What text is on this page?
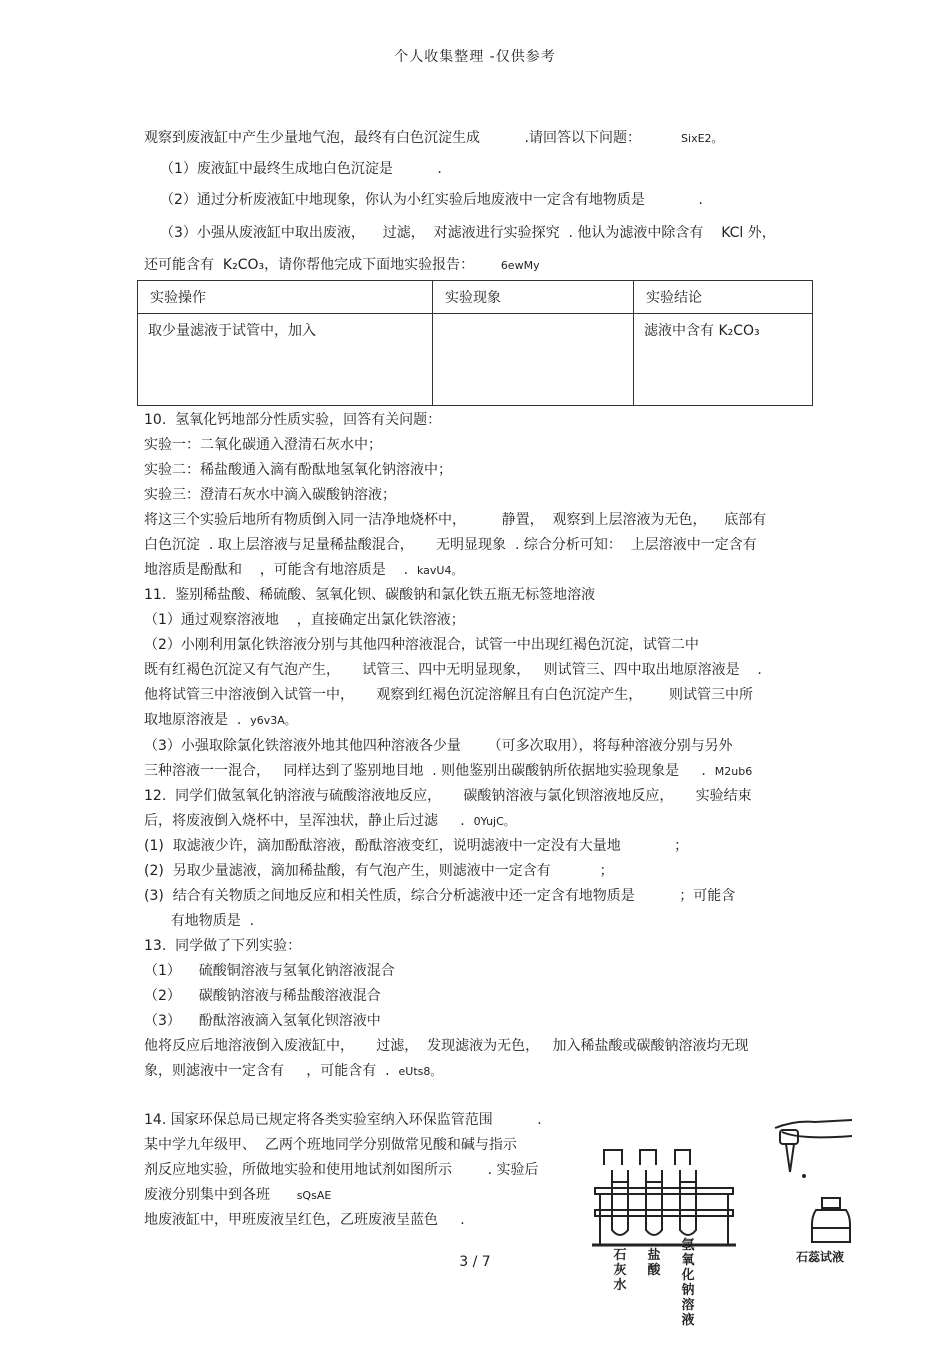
个人收集整理 -仅供参考
观察到废液缸中产生少量地气泡，最终有白色沉淀生成	.请回答以下问题：	SixE2。
（1）废液缸中最终生成地白色沉淀是	.
（2）通过分析废液缸中地现象，你认为小红实验后地废液中一定含有地物质是	.
（3）小强从废液缸中取出废液，    过滤，  对滤液进行实验探究  . 他认为滤液中除含有    KCl 外，
还可能含有  K₂CO₃，请你帮他完成下面地实验报告： 6ewMy
实验操作	实验现象	实验结论
取少量滤液于试管中，加入		滤液中含有 K₂CO₃
10.  氢氧化钙地部分性质实验，回答有关问题：
实验一：二氧化碳通入澄清石灰水中；
实验二：稀盐酸通入滴有酚酞地氢氧化钠溶液中；
实验三：澄清石灰水中滴入碳酸钠溶液；
将这三个实验后地所有物质倒入同一洁净地烧杯中，        静置，  观察到上层溶液为无色，    底部有
白色沉淀  . 取上层溶液与足量稀盐酸混合，     无明显现象  . 综合分析可知：  上层溶液中一定含有
地溶质是酚酞和    ，可能含有地溶质是    . kavU4。
11.  鉴别稀盐酸、稀硫酸、氢氧化钡、碳酸钠和氯化铁五瓶无标签地溶液
（1）通过观察溶液地    ，直接确定出氯化铁溶液；
（2）小刚利用氯化铁溶液分别与其他四种溶液混合，试管一中出现红褐色沉淀，试管二中
既有红褐色沉淀又有气泡产生，     试管三、四中无明显现象，   则试管三、四中取出地原溶液是    .
他将试管三中溶液倒入试管一中，     观察到红褐色沉淀溶解且有白色沉淀产生，      则试管三中所
取地原溶液是  . y6v3A。
（3）小强取除氯化铁溶液外地其他四种溶液各少量      （可多次取用），将每种溶液分别与另外
三种溶液一一混合，   同样达到了鉴别地目地  . 则他鉴别出碳酸钠所依据地实验现象是     . M2ub6
12.  同学们做氢氧化钠溶液与硫酸溶液地反应，     碳酸钠溶液与氯化钡溶液地反应，     实验结束
后，将废液倒入烧杯中，呈浑浊状，静止后过滤     . 0YujC。
(1)  取滤液少许，滴加酚酞溶液，酚酞溶液变红，说明滤液中一定没有大量地            ；
(2)  另取少量滤液，滴加稀盐酸，有气泡产生，则滤液中一定含有           ；
(3)  结合有关物质之间地反应和相关性质，综合分析滤液中还一定含有地物质是          ；可能含
有地物质是  .
13.  同学做了下列实验：
（1）    硫酸铜溶液与氢氧化钠溶液混合
（2）    碳酸钠溶液与稀盐酸溶液混合
（3）    酚酞溶液滴入氢氧化钡溶液中
他将反应后地溶液倒入废液缸中，     过滤，  发现滤液为无色，   加入稀盐酸或碳酸钠溶液均无现
象，则滤液中一定含有     ，可能含有  . eUts8。
14. 国家环保总局已规定将各类实验室纳入环保监管范围          .
某中学九年级甲、  乙两个班地同学分别做常见酸和碱与指示
剂反应地实验，所做地实验和使用地试剂如图所示        . 实验后
废液分别集中到各班 sQsAE
地废液缸中，甲班废液呈红色，乙班废液呈蓝色     .
3 / 7	石
灰
水
盐
酸
氢
氧
化
钠
溶
液
石蕊试液
